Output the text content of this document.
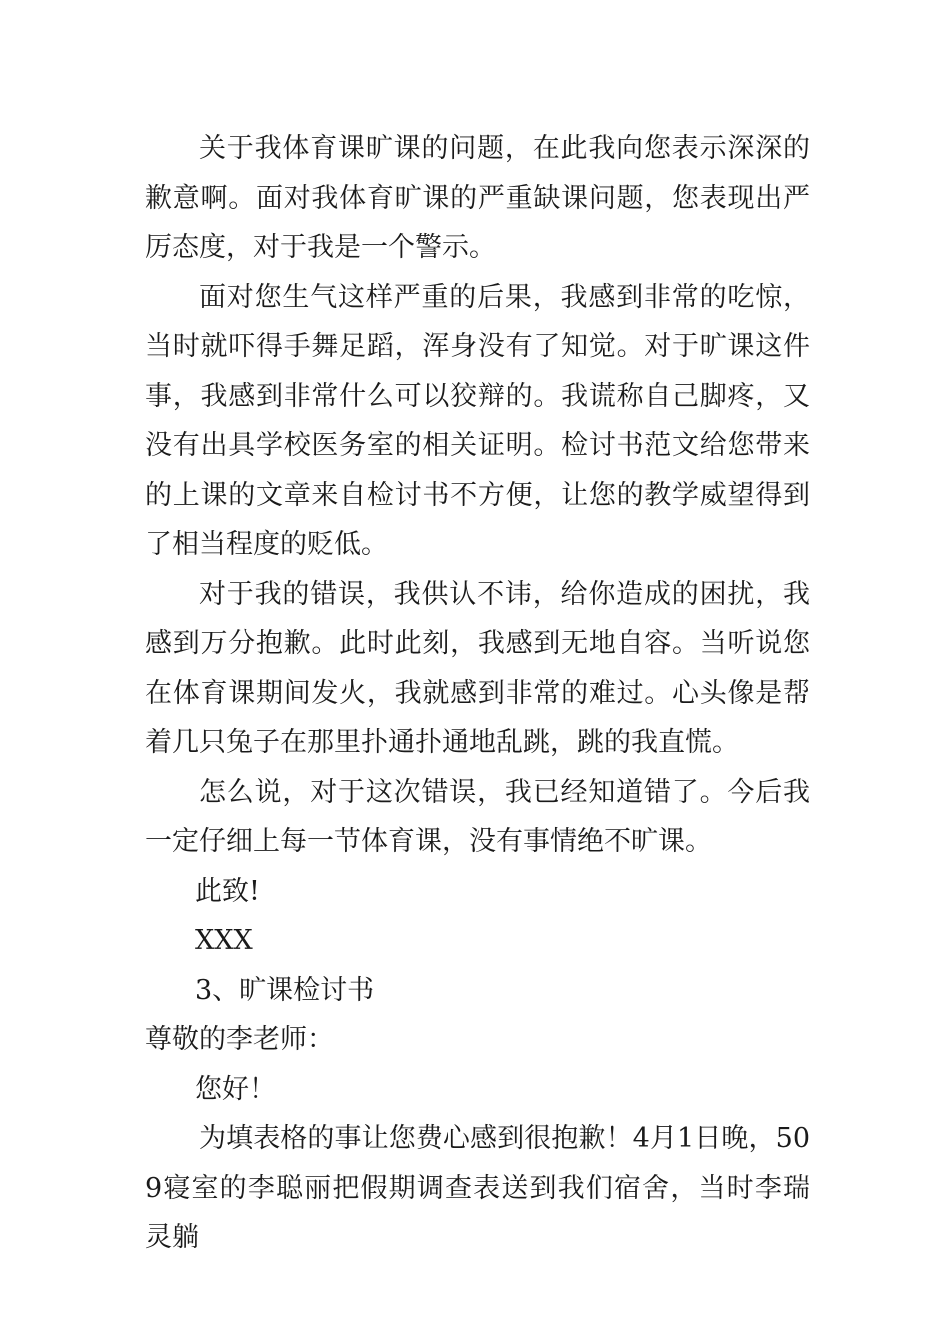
关于我体育课旷课的问题，在此我向您表示深深的歉意啊。面对我体育旷课的严重缺课问题，您表现出严厉态度，对于我是一个警示。

面对您生气这样严重的后果，我感到非常的吃惊，当时就吓得手舞足蹈，浑身没有了知觉。对于旷课这件事，我感到非常什么可以狡辩的。我谎称自己脚疼，又没有出具学校医务室的相关证明。检讨书范文给您带来的上课的文章来自检讨书不方便，让您的教学威望得到了相当程度的贬低。

对于我的错误，我供认不讳，给你造成的困扰，我感到万分抱歉。此时此刻，我感到无地自容。当听说您在体育课期间发火，我就感到非常的难过。心头像是帮着几只兔子在那里扑通扑通地乱跳，跳的我直慌。

怎么说，对于这次错误，我已经知道错了。今后我一定仔细上每一节体育课，没有事情绝不旷课。

此致!

XXX

3、旷课检讨书

尊敬的李老师：

您好！

为填表格的事让您费心感到很抱歉！4月1日晚，509寝室的李聪丽把假期调查表送到我们宿舍，当时李瑞灵躺
